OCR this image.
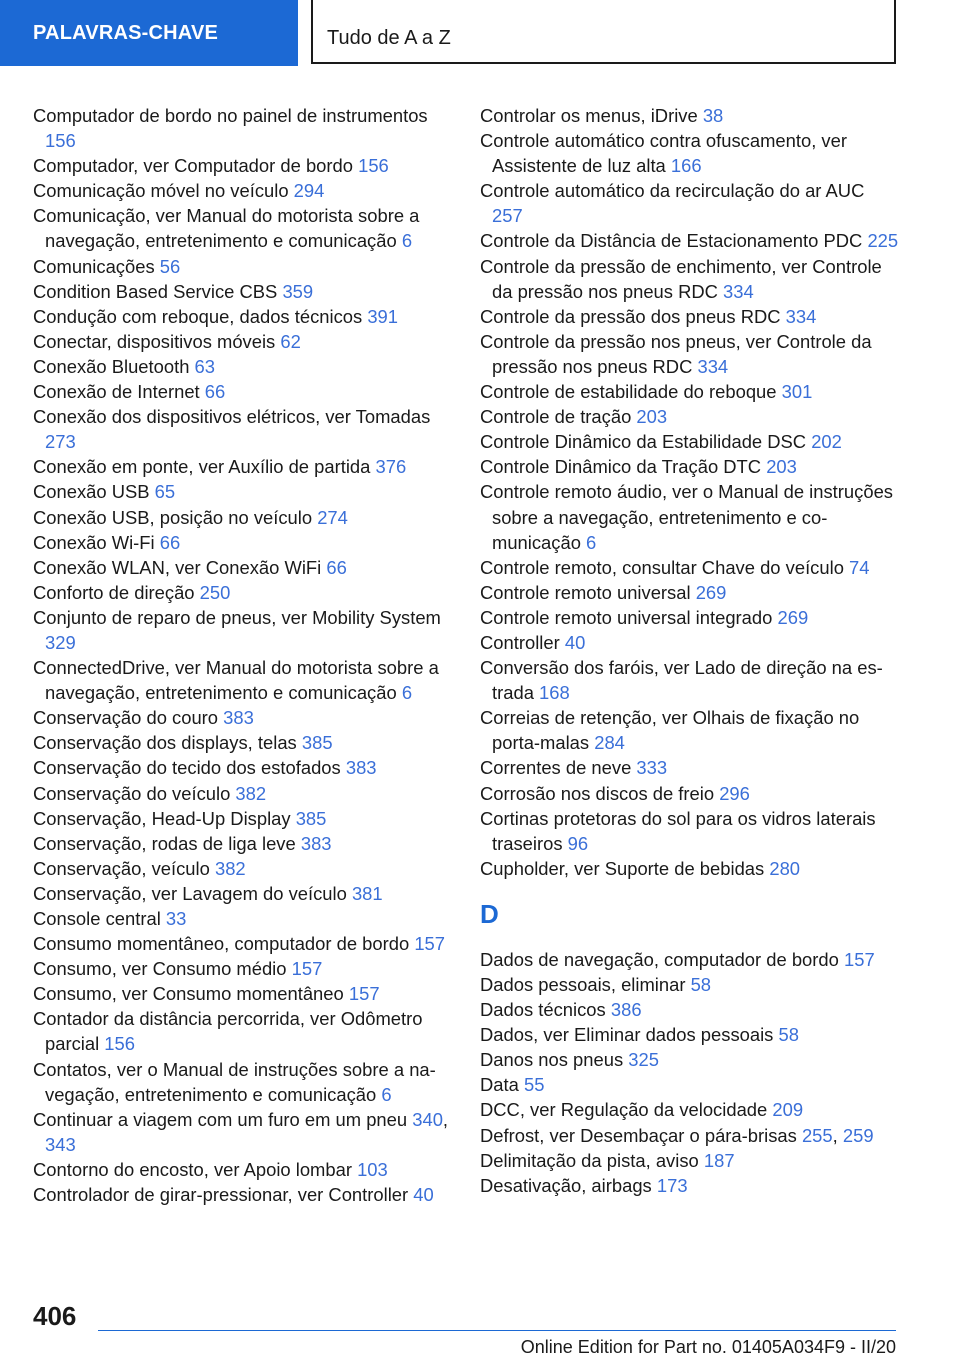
PALAVRAS-CHAVE	Tudo de A a Z
Computador de bordo no painel de instrumentos 156
Computador, ver Computador de bordo 156
Comunicação móvel no veículo 294
Comunicação, ver Manual do motorista sobre a navegação, entretenimento e comunicação 6
Comunicações 56
Condition Based Service CBS 359
Condução com reboque, dados técnicos 391
Conectar, dispositivos móveis 62
Conexão Bluetooth 63
Conexão de Internet 66
Conexão dos dispositivos elétricos, ver Tomadas 273
Conexão em ponte, ver Auxílio de partida 376
Conexão USB 65
Conexão USB, posição no veículo 274
Conexão Wi-Fi 66
Conexão WLAN, ver Conexão WiFi 66
Conforto de direção 250
Conjunto de reparo de pneus, ver Mobility System 329
ConnectedDrive, ver Manual do motorista sobre a navegação, entretenimento e comunicação 6
Conservação do couro 383
Conservação dos displays, telas 385
Conservação do tecido dos estofados 383
Conservação do veículo 382
Conservação, Head-Up Display 385
Conservação, rodas de liga leve 383
Conservação, veículo 382
Conservação, ver Lavagem do veículo 381
Console central 33
Consumo momentâneo, computador de bordo 157
Consumo, ver Consumo médio 157
Consumo, ver Consumo momentâneo 157
Contador da distância percorrida, ver Odômetro parcial 156
Contatos, ver o Manual de instruções sobre a navegação, entretenimento e comunicação 6
Continuar a viagem com um furo em um pneu 340, 343
Contorno do encosto, ver Apoio lombar 103
Controlador de girar-pressionar, ver Controller 40
Controlar os menus, iDrive 38
Controle automático contra ofuscamento, ver Assistente de luz alta 166
Controle automático da recirculação do ar AUC 257
Controle da Distância de Estacionamento PDC 225
Controle da pressão de enchimento, ver Controle da pressão nos pneus RDC 334
Controle da pressão dos pneus RDC 334
Controle da pressão nos pneus, ver Controle da pressão nos pneus RDC 334
Controle de estabilidade do reboque 301
Controle de tração 203
Controle Dinâmico da Estabilidade DSC 202
Controle Dinâmico da Tração DTC 203
Controle remoto áudio, ver o Manual de instruções sobre a navegação, entretenimento e comunicação 6
Controle remoto, consultar Chave do veículo 74
Controle remoto universal 269
Controle remoto universal integrado 269
Controller 40
Conversão dos faróis, ver Lado de direção na estrada 168
Correias de retenção, ver Olhais de fixação no porta-malas 284
Correntes de neve 333
Corrosão nos discos de freio 296
Cortinas protetoras do sol para os vidros laterais traseiros 96
Cupholder, ver Suporte de bebidas 280
D
Dados de navegação, computador de bordo 157
Dados pessoais, eliminar 58
Dados técnicos 386
Dados, ver Eliminar dados pessoais 58
Danos nos pneus 325
Data 55
DCC, ver Regulação da velocidade 209
Defrost, ver Desembaçar o pára-brisas 255, 259
Delimitação da pista, aviso 187
Desativação, airbags 173
406
Online Edition for Part no. 01405A034F9 - II/20
